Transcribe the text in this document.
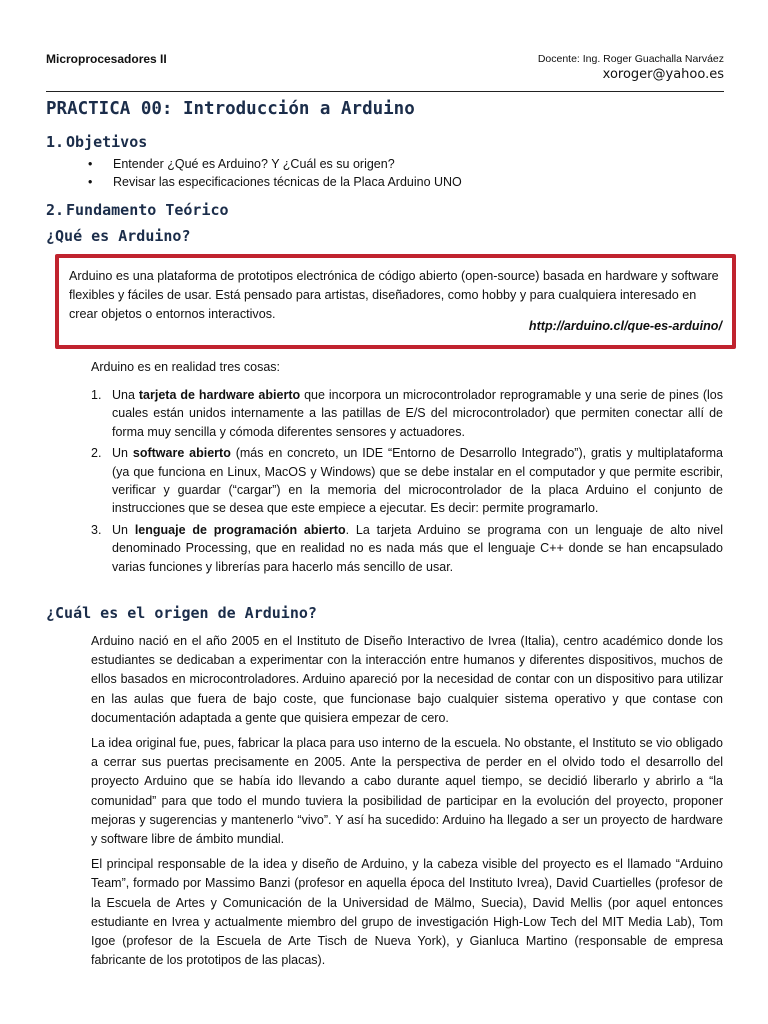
Microprocesadores II	Docente: Ing. Roger Guachalla Narváez
xoroger@yahoo.es
PRACTICA 00: Introducción a Arduino
1. Objetivos
• Entender ¿Qué es Arduino? Y ¿Cuál es su origen?
• Revisar las especificaciones técnicas de la Placa Arduino UNO
2. Fundamento Teórico
¿Qué es Arduino?
Arduino es una plataforma de prototipos electrónica de código abierto (open-source) basada en hardware y software flexibles y fáciles de usar. Está pensado para artistas, diseñadores, como hobby y para cualquiera interesado en crear objetos o entornos interactivos.
http://arduino.cl/que-es-arduino/
Arduino es en realidad tres cosas:
1. Una tarjeta de hardware abierto que incorpora un microcontrolador reprogramable y una serie de pines (los cuales están unidos internamente a las patillas de E/S del microcontrolador) que permiten conectar allí de forma muy sencilla y cómoda diferentes sensores y actuadores.
2. Un software abierto (más en concreto, un IDE “Entorno de Desarrollo Integrado”), gratis y multiplataforma (ya que funciona en Linux, MacOS y Windows) que se debe instalar en el computador y que permite escribir, verificar y guardar (“cargar”) en la memoria del microcontrolador de la placa Arduino el conjunto de instrucciones que se desea que este empiece a ejecutar. Es decir: permite programarlo.
3. Un lenguaje de programación abierto. La tarjeta Arduino se programa con un lenguaje de alto nivel denominado Processing, que en realidad no es nada más que el lenguaje C++ donde se han encapsulado varias funciones y librerías para hacerlo más sencillo de usar.
¿Cuál es el origen de Arduino?

Arduino nació en el año 2005 en el Instituto de Diseño Interactivo de Ivrea (Italia), centro académico donde los estudiantes se dedicaban a experimentar con la interacción entre humanos y diferentes dispositivos, muchos de ellos basados en microcontroladores. Arduino apareció por la necesidad de contar con un dispositivo para utilizar en las aulas que fuera de bajo coste, que funcionase bajo cualquier sistema operativo y que contase con documentación adaptada a gente que quisiera empezar de cero.

La idea original fue, pues, fabricar la placa para uso interno de la escuela. No obstante, el Instituto se vio obligado a cerrar sus puertas precisamente en 2005. Ante la perspectiva de perder en el olvido todo el desarrollo del proyecto Arduino que se había ido llevando a cabo durante aquel tiempo, se decidió liberarlo y abrirlo a “la comunidad” para que todo el mundo tuviera la posibilidad de participar en la evolución del proyecto, proponer mejoras y sugerencias y mantenerlo “vivo”. Y así ha sucedido: Arduino ha llegado a ser un proyecto de hardware y software libre de ámbito mundial.

El principal responsable de la idea y diseño de Arduino, y la cabeza visible del proyecto es el llamado “Arduino Team”, formado por Massimo Banzi (profesor en aquella época del Instituto Ivrea), David Cuartielles (profesor de la Escuela de Artes y Comunicación de la Universidad de Mälmo, Suecia), David Mellis (por aquel entonces estudiante en Ivrea y actualmente miembro del grupo de investigación High-Low Tech del MIT Media Lab), Tom Igoe (profesor de la Escuela de Arte Tisch de Nueva York), y Gianluca Martino (responsable de empresa fabricante de los prototipos de las placas).
